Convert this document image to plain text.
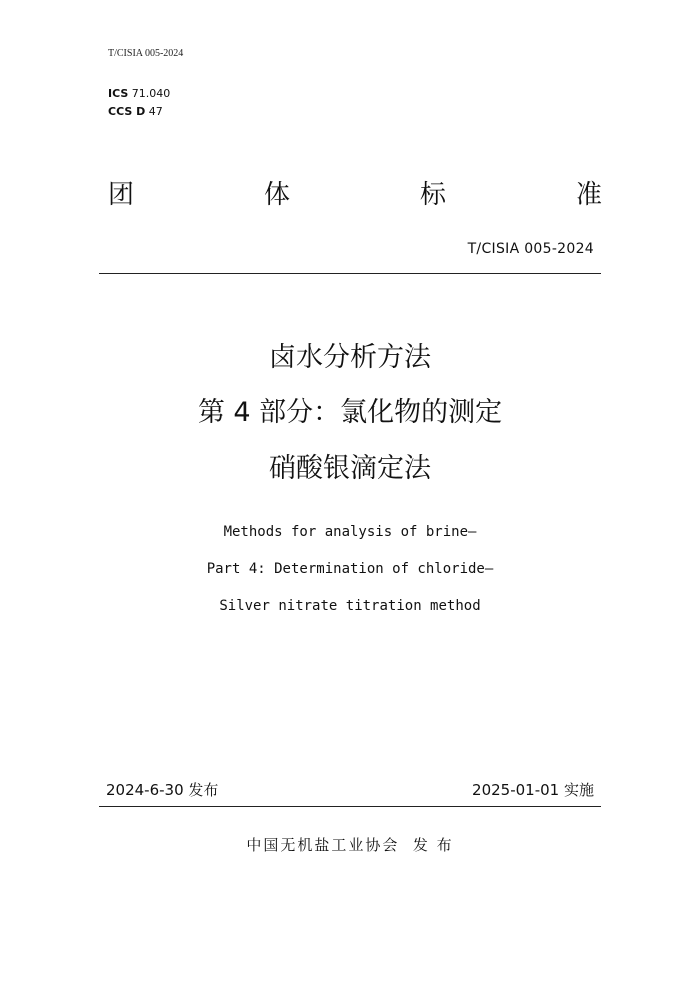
T/CISIA 005-2024
ICS 71.040
CCS D 47
团	体	标	准
T/CISIA 005-2024
卤水分析方法
第 4 部分：氯化物的测定
硝酸银滴定法
Methods for analysis of brine—
Part 4: Determination of chloride—
Silver nitrate titration method
2024-6-30 发布	2025-01-01 实施
中国无机盐工业协会  发 布
